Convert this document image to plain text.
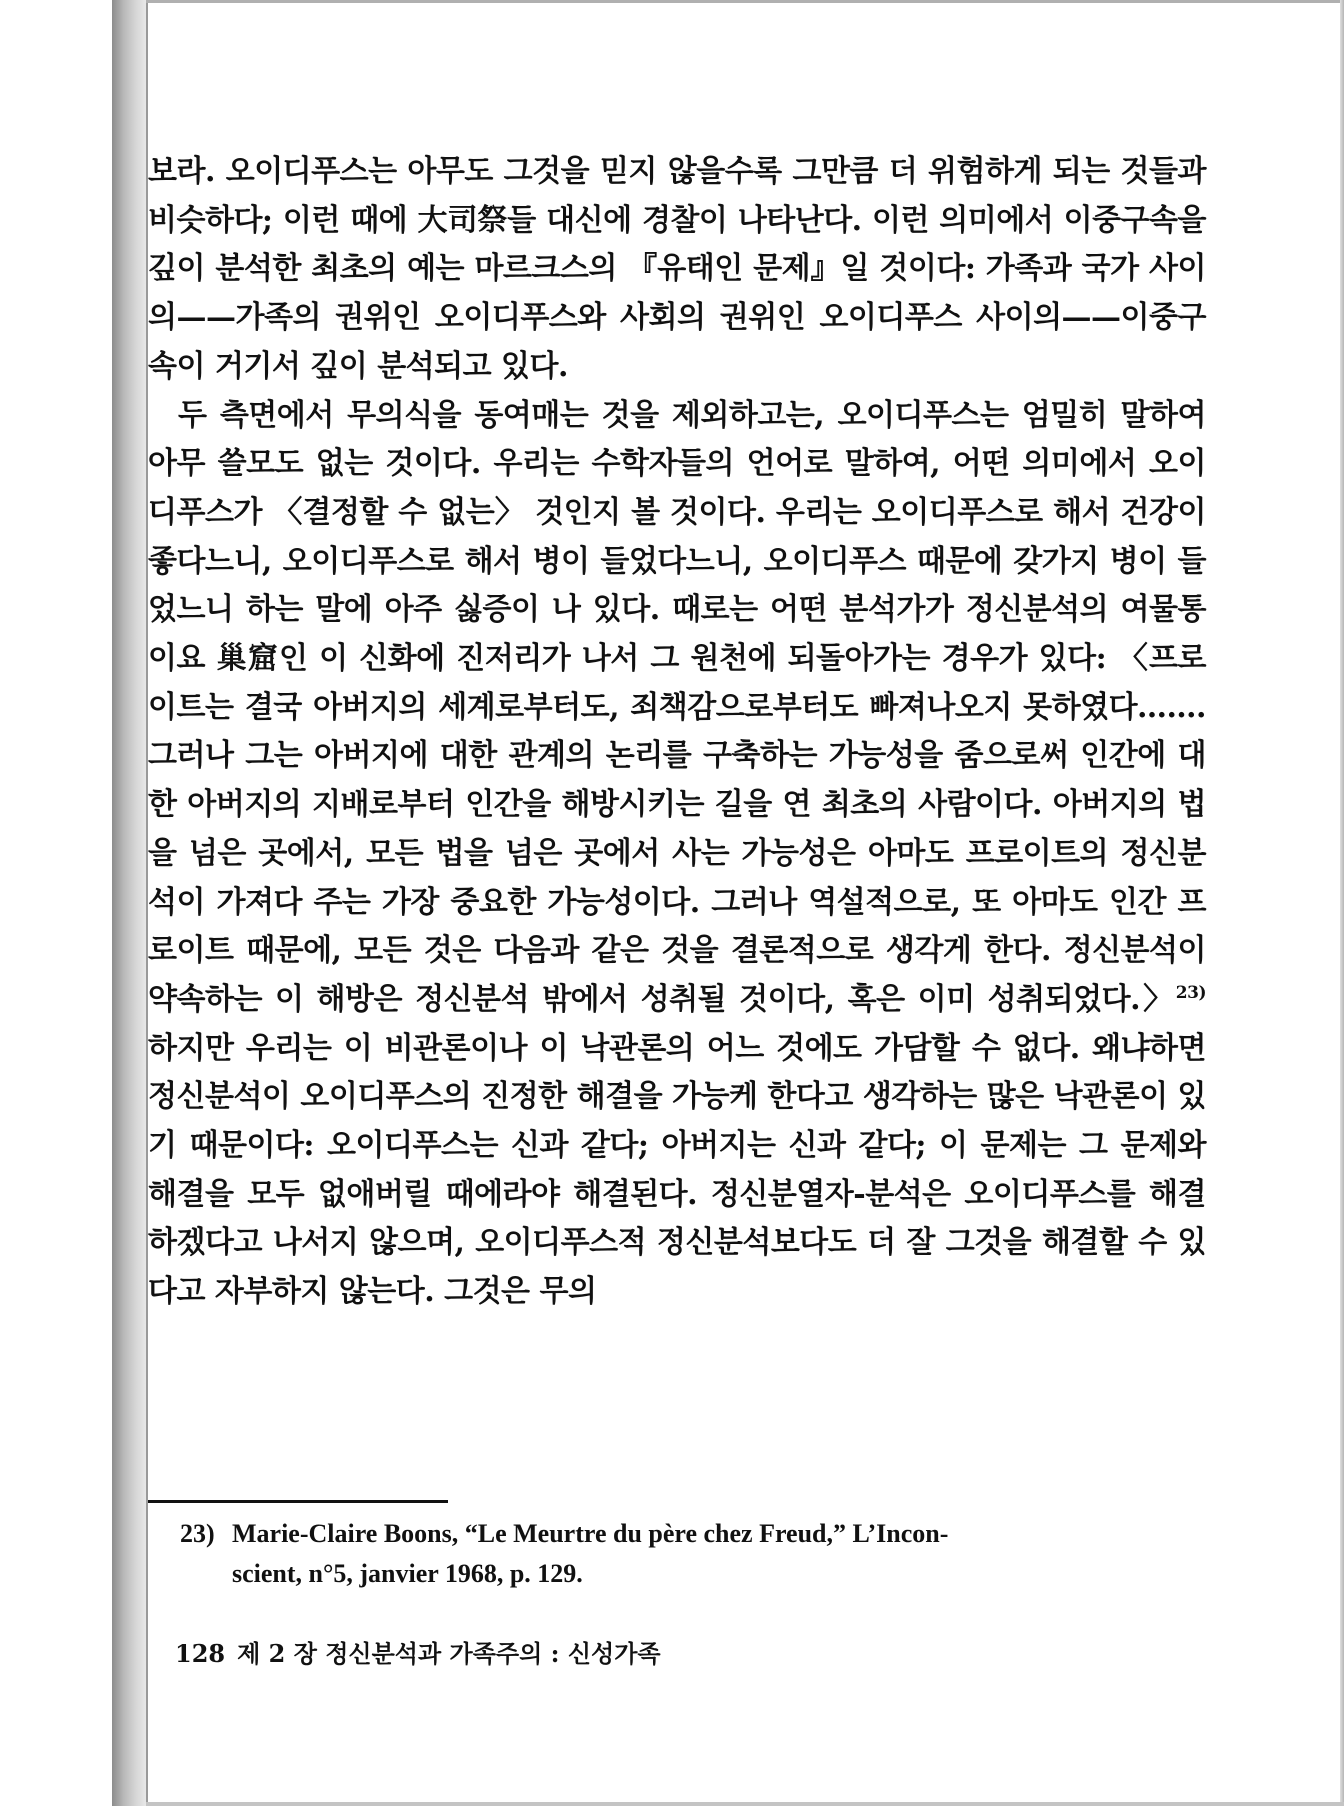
보라. 오이디푸스는 아무도 그것을 믿지 않을수록 그만큼 더 위험하게 되는 것들과 비슷하다; 이런 때에 大司祭들 대신에 경찰이 나타난다. 이런 의미에서 이중구속을 깊이 분석한 최초의 예는 마르크스의 『유태인 문제』일 것이다: 가족과 국가 사이의——가족의 권위인 오이디푸스와 사회의 권위인 오이디푸스 사이의——이중구속이 거기서 깊이 분석되고 있다.

두 측면에서 무의식을 동여매는 것을 제외하고는, 오이디푸스는 엄밀히 말하여 아무 쓸모도 없는 것이다. 우리는 수학자들의 언어로 말하여, 어떤 의미에서 오이디푸스가 〈결정할 수 없는〉 것인지 볼 것이다. 우리는 오이디푸스로 해서 건강이 좋다느니, 오이디푸스로 해서 병이 들었다느니, 오이디푸스 때문에 갖가지 병이 들었느니 하는 말에 아주 싫증이 나 있다. 때로는 어떤 분석가가 정신분석의 여물통이요 巢窟인 이 신화에 진저리가 나서 그 원천에 되돌아가는 경우가 있다: 〈프로이트는 결국 아버지의 세계로부터도, 죄책감으로부터도 빠져나오지 못하였다……. 그러나 그는 아버지에 대한 관계의 논리를 구축하는 가능성을 줌으로써 인간에 대한 아버지의 지배로부터 인간을 해방시키는 길을 연 최초의 사람이다. 아버지의 법을 넘은 곳에서, 모든 법을 넘은 곳에서 사는 가능성은 아마도 프로이트의 정신분석이 가져다 주는 가장 중요한 가능성이다. 그러나 역설적으로, 또 아마도 인간 프로이트 때문에, 모든 것은 다음과 같은 것을 결론적으로 생각게 한다. 정신분석이 약속하는 이 해방은 정신분석 밖에서 성취될 것이다, 혹은 이미 성취되었다.〉$^{23)}$ 하지만 우리는 이 비관론이나 이 낙관론의 어느 것에도 가담할 수 없다. 왜냐하면 정신분석이 오이디푸스의 진정한 해결을 가능케 한다고 생각하는 많은 낙관론이 있기 때문이다: 오이디푸스는 신과 같다; 아버지는 신과 같다; 이 문제는 그 문제와 해결을 모두 없애버릴 때에라야 해결된다. 정신분열자-분석은 오이디푸스를 해결하겠다고 나서지 않으며, 오이디푸스적 정신분석보다도 더 잘 그것을 해결할 수 있다고 자부하지 않는다. 그것은 무의

23) Marie-Claire Boons, “Le Meurtre du père chez Freud,” L’Incon-
scient, n°5, janvier 1968, p. 129.
128 제 2 장 정신분석과 가족주의 : 신성가족
